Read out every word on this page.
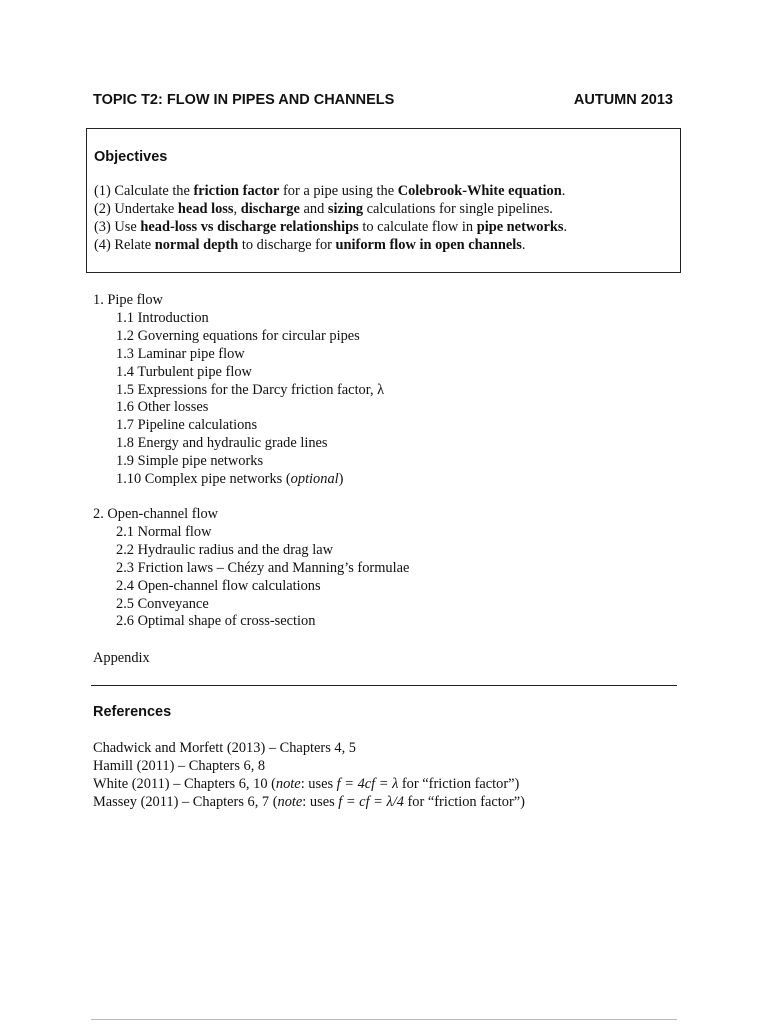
TOPIC T2: FLOW IN PIPES AND CHANNELS	AUTUMN 2013
Objectives
(1) Calculate the friction factor for a pipe using the Colebrook-White equation.
(2) Undertake head loss, discharge and sizing calculations for single pipelines.
(3) Use head-loss vs discharge relationships to calculate flow in pipe networks.
(4) Relate normal depth to discharge for uniform flow in open channels.
1. Pipe flow
1.1 Introduction
1.2 Governing equations for circular pipes
1.3 Laminar pipe flow
1.4 Turbulent pipe flow
1.5 Expressions for the Darcy friction factor, λ
1.6 Other losses
1.7 Pipeline calculations
1.8 Energy and hydraulic grade lines
1.9 Simple pipe networks
1.10 Complex pipe networks (optional)
2. Open-channel flow
2.1 Normal flow
2.2 Hydraulic radius and the drag law
2.3 Friction laws – Chézy and Manning’s formulae
2.4 Open-channel flow calculations
2.5 Conveyance
2.6 Optimal shape of cross-section
Appendix
References
Chadwick and Morfett (2013) – Chapters 4, 5
Hamill (2011) – Chapters 6, 8
White (2011) – Chapters 6, 10 (note: uses f = 4cf = λ for “friction factor”)
Massey (2011) – Chapters 6, 7 (note: uses f = cf = λ/4 for “friction factor”)
